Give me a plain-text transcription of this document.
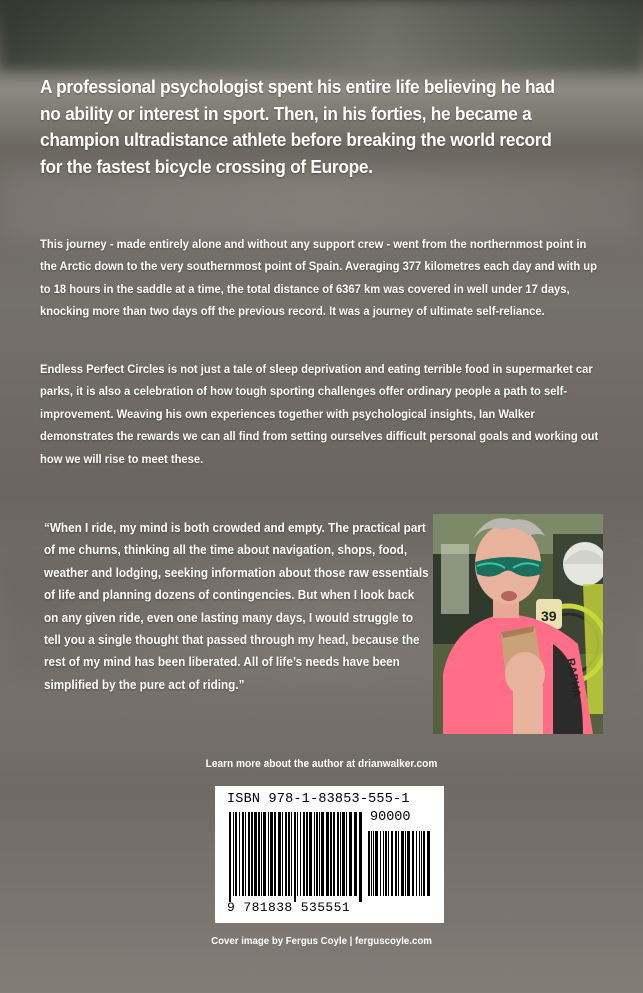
A professional psychologist spent his entire life believing he had no ability or interest in sport. Then, in his forties, he became a champion ultradistance athlete before breaking the world record for the fastest bicycle crossing of Europe.

This journey - made entirely alone and without any support crew - went from the northernmost point in the Arctic down to the very southernmost point of Spain. Averaging 377 kilometres each day and with up to 18 hours in the saddle at a time, the total distance of 6367 km was covered in well under 17 days, knocking more than two days off the previous record. It was a journey of ultimate self-reliance.

Endless Perfect Circles is not just a tale of sleep deprivation and eating terrible food in supermarket car parks, it is also a celebration of how tough sporting challenges offer ordinary people a path to self-improvement. Weaving his own experiences together with psychological insights, Ian Walker demonstrates the rewards we can all find from setting ourselves difficult personal goals and working out how we will rise to meet these.

“When I ride, my mind is both crowded and empty. The practical part of me churns, thinking all the time about navigation, shops, food, weather and lodging, seeking information about those raw essentials of life and planning dozens of contingencies. But when I look back on any given ride, even one lasting many days, I would struggle to tell you a single thought that passed through my head, because the rest of my mind has been liberated. All of life’s needs have been simplified by the pure act of riding.”

39
RAPHA

Learn more about the author at drianwalker.com

ISBN 978-1-83853-555-1

90000

9 781838 535551

Cover image by Fergus Coyle | ferguscoyle.com
